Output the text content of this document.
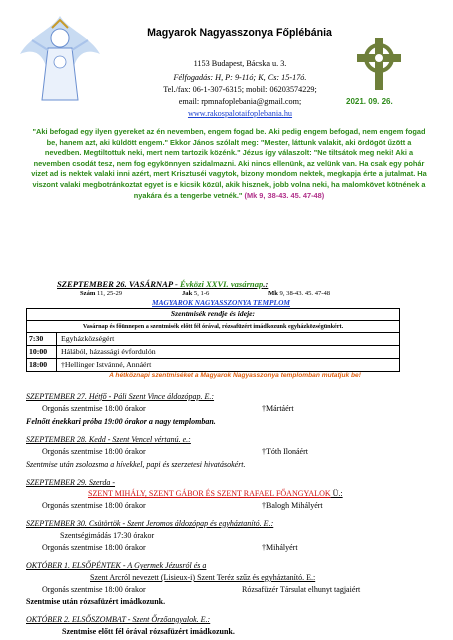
Magyarok Nagyasszonya Főplébánia
1153 Budapest, Bácska u. 3.
Félfogadás: H, P: 9-11ó; K, Cs: 15-17ó.
Tel./fax: 06-1-307-6315; mobil: 06203574229;
email: rpmnafoplebania@gmail.com;
www.rakospalotaifoplebania.hu
2021. 09. 26.
"Aki befogad egy ilyen gyereket az én nevemben, engem fogad be. Aki pedig engem befogad, nem engem fogad be, hanem azt, aki küldött engem." Ekkor János szólalt meg: "Mester, láttunk valakit, aki ördögöt űzött a nevedben. Megtiltottuk neki, mert nem tartozik közénk." Jézus így válaszolt: "Ne tiltsátok meg neki! Aki a nevemben csodát tesz, nem fog egykönnyen szidalmazni. Aki nincs ellenünk, az velünk van. Ha csak egy pohár vizet ad is nektek valaki inni azért, mert Krisztuséi vagytok, bizony mondom nektek, megkapja érte a jutalmat. Ha viszont valaki megbotránkoztat egyet is e kicsik közül, akik hisznek, jobb volna neki, ha malomkövet kötnének a nyakára és a tengerbe vetnék." (Mk 9, 38-43. 45. 47-48)
SZEPTEMBER 26. VASÁRNAP - Évközi XXVI. vasárnap.:
Szám 11, 25-29	Jak 5, 1-6	Mk 9, 38-43. 45. 47-48
MAGYAROK NAGYASSZONYA TEMPLOM
Szentmisék rendje és ideje:
Vasárnap és főünnepen a szentmisék előtt fél órával, rózsafüzért imádkozunk egyházközségünkért.
7:30	Egyházközségért
10:00	Hálából, házassági évfordulón
18:00	†Hellinger Istvánné, Annáért
A hétköznapi szentmiséket a Magyarok Nagyasszonya templomban mutatjuk be!
SZEPTEMBER 27. Hétfő - Páli Szent Vince áldozópap. E.:
Orgonás szentmise 18:00 órakor	†Mártáért
Felnőtt énekkari próba 19:00 órakor a nagy templomban.
SZEPTEMBER 28. Kedd - Szent Vencel vértanú. e.:
Orgonás szentmise 18:00 órakor	†Tóth Ilonáért
Szentmise után zsolozsma a hívekkel, papi és szerzetesi hivatásokért.
SZEPTEMBER 29. Szerda -
SZENT MIHÁLY, SZENT GÁBOR ÉS SZENT RAFAEL FŐANGYALOK Ü.:
Orgonás szentmise 18:00 órakor	†Balogh Mihályért
SZEPTEMBER 30. Csütörtök - Szent Jeromos áldozópap és egyháztanító. E.:
Szentségimádás 17:30 órakor
Orgonás szentmise 18:00 órakor	†Mihályért
OKTÓBER 1. ELSŐPÉNTEK - A Gyermek Jézusról és a
Szent Arcról nevezett (Lisieux-i) Szent Teréz szűz és egyháztanító. E.:
Orgonás szentmise 18:00 órakor	Rózsafüzér Társulat elhunyt tagjaiért
Szentmise után rózsafüzért imádkozunk.
OKTÓBER 2. ELSŐSZOMBAT - Szent Őrzőangyalok. E.:
Szentmise előtt fél órával rózsafüzért imádkozunk.
